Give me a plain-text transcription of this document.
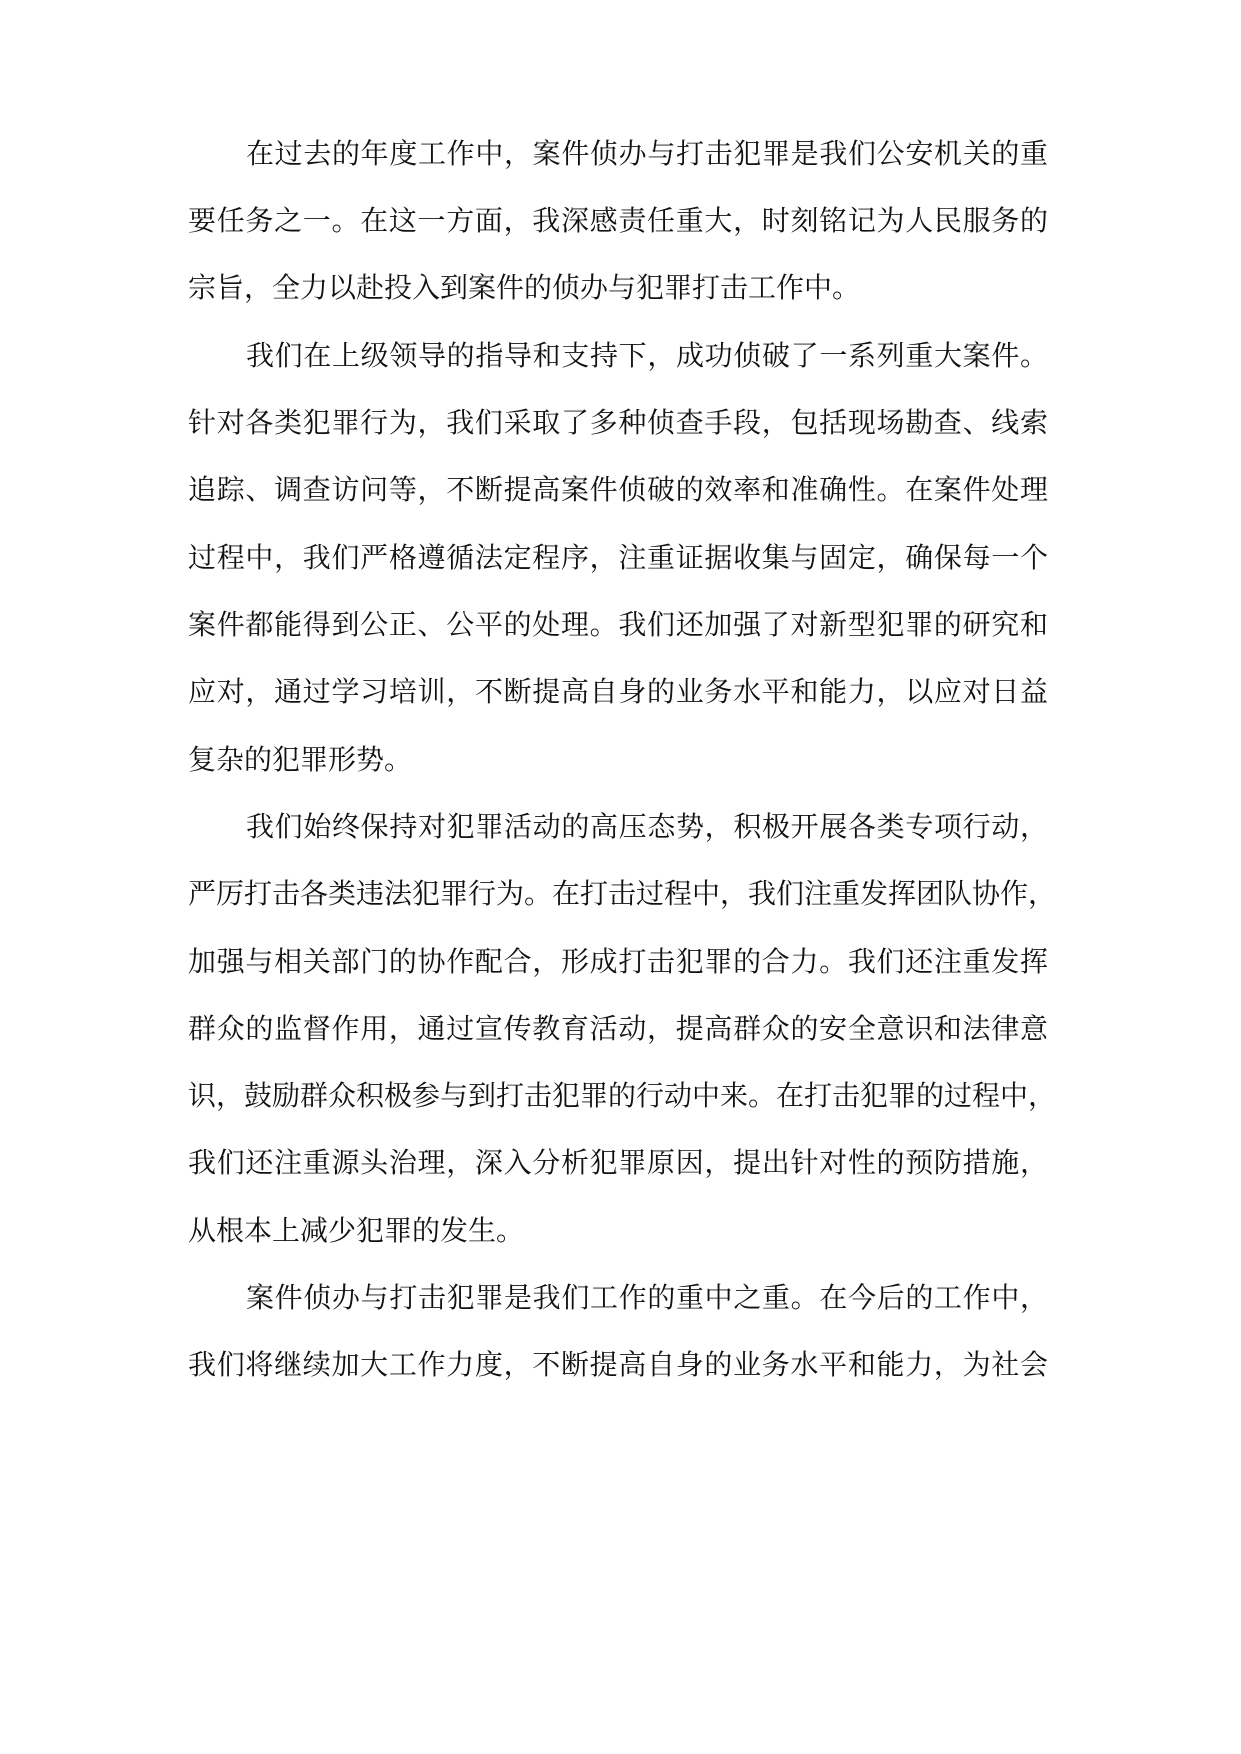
在过去的年度工作中，案件侦办与打击犯罪是我们公安机关的重
要任务之一。在这一方面，我深感责任重大，时刻铭记为人民服务的
宗旨，全力以赴投入到案件的侦办与犯罪打击工作中。
我们在上级领导的指导和支持下，成功侦破了一系列重大案件。
针对各类犯罪行为，我们采取了多种侦查手段，包括现场勘查、线索
追踪、调查访问等，不断提高案件侦破的效率和准确性。在案件处理
过程中，我们严格遵循法定程序，注重证据收集与固定，确保每一个
案件都能得到公正、公平的处理。我们还加强了对新型犯罪的研究和
应对，通过学习培训，不断提高自身的业务水平和能力，以应对日益
复杂的犯罪形势。
我们始终保持对犯罪活动的高压态势，积极开展各类专项行动，
严厉打击各类违法犯罪行为。在打击过程中，我们注重发挥团队协作，
加强与相关部门的协作配合，形成打击犯罪的合力。我们还注重发挥
群众的监督作用，通过宣传教育活动，提高群众的安全意识和法律意
识，鼓励群众积极参与到打击犯罪的行动中来。在打击犯罪的过程中，
我们还注重源头治理，深入分析犯罪原因，提出针对性的预防措施，
从根本上减少犯罪的发生。
案件侦办与打击犯罪是我们工作的重中之重。在今后的工作中，
我们将继续加大工作力度，不断提高自身的业务水平和能力，为社会
